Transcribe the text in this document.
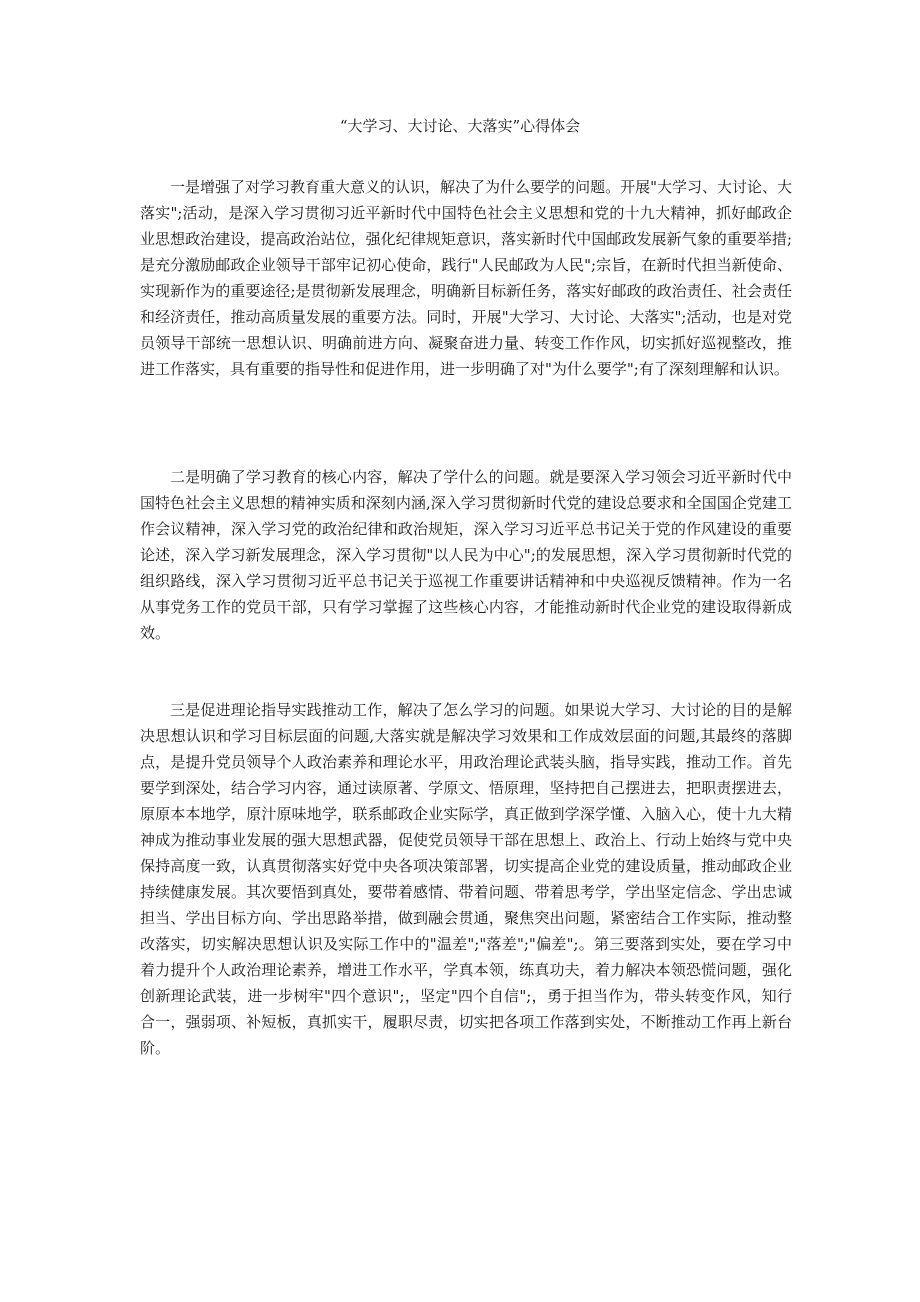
“大学习、大讨论、大落实”心得体会

一是增强了对学习教育重大意义的认识，解决了为什么要学的问题。开展"大学习、大讨论、大落实";活动，是深入学习贯彻习近平新时代中国特色社会主义思想和党的十九大精神，抓好邮政企业思想政治建设，提高政治站位，强化纪律规矩意识，落实新时代中国邮政发展新气象的重要举措;是充分激励邮政企业领导干部牢记初心使命，践行"人民邮政为人民";宗旨，在新时代担当新使命、实现新作为的重要途径;是贯彻新发展理念，明确新目标新任务，落实好邮政的政治责任、社会责任和经济责任，推动高质量发展的重要方法。同时，开展"大学习、大讨论、大落实";活动，也是对党员领导干部统一思想认识、明确前进方向、凝聚奋进力量、转变工作作风，切实抓好巡视整改，推进工作落实，具有重要的指导性和促进作用，进一步明确了对"为什么要学";有了深刻理解和认识。

二是明确了学习教育的核心内容，解决了学什么的问题。就是要深入学习领会习近平新时代中国特色社会主义思想的精神实质和深刻内涵,深入学习贯彻新时代党的建设总要求和全国国企党建工作会议精神，深入学习党的政治纪律和政治规矩，深入学习习近平总书记关于党的作风建设的重要论述，深入学习新发展理念，深入学习贯彻"以人民为中心";的发展思想，深入学习贯彻新时代党的组织路线，深入学习贯彻习近平总书记关于巡视工作重要讲话精神和中央巡视反馈精神。作为一名从事党务工作的党员干部，只有学习掌握了这些核心内容，才能推动新时代企业党的建设取得新成效。

三是促进理论指导实践推动工作，解决了怎么学习的问题。如果说大学习、大讨论的目的是解决思想认识和学习目标层面的问题,大落实就是解决学习效果和工作成效层面的问题,其最终的落脚点，是提升党员领导个人政治素养和理论水平，用政治理论武装头脑，指导实践，推动工作。首先要学到深处，结合学习内容，通过读原著、学原文、悟原理，坚持把自己摆进去，把职责摆进去，原原本本地学，原汁原味地学，联系邮政企业实际学，真正做到学深学懂、入脑入心，使十九大精神成为推动事业发展的强大思想武器，促使党员领导干部在思想上、政治上、行动上始终与党中央保持高度一致，认真贯彻落实好党中央各项决策部署，切实提高企业党的建设质量，推动邮政企业持续健康发展。其次要悟到真处，要带着感情、带着问题、带着思考学，学出坚定信念、学出忠诚担当、学出目标方向、学出思路举措，做到融会贯通，聚焦突出问题，紧密结合工作实际，推动整改落实，切实解决思想认识及实际工作中的"温差";"落差";"偏差";。第三要落到实处，要在学习中着力提升个人政治理论素养，增进工作水平，学真本领，练真功夫，着力解决本领恐慌问题，强化创新理论武装，进一步树牢"四个意识";，坚定"四个自信";，勇于担当作为，带头转变作风，知行合一，强弱项、补短板，真抓实干，履职尽责，切实把各项工作落到实处，不断推动工作再上新台阶。
